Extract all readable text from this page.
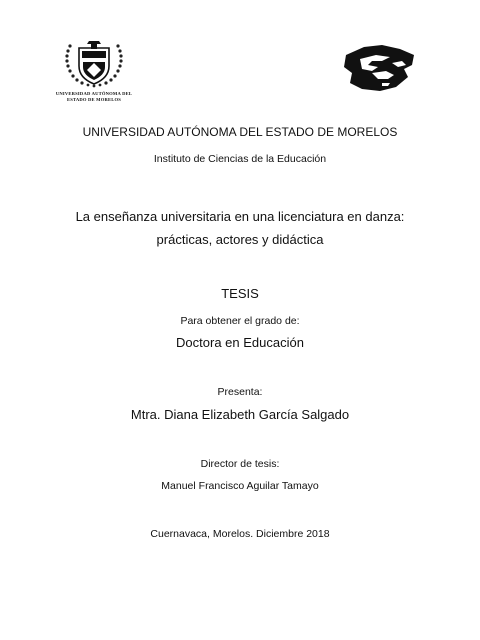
UNIVERSIDAD AUTÓNOMA DEL
ESTADO DE MORELOS
UNIVERSIDAD AUTÓNOMA DEL ESTADO DE MORELOS
Instituto de Ciencias de la Educación
La enseñanza universitaria en una licenciatura en danza:
prácticas, actores y didáctica
TESIS
Para obtener el grado de:
Doctora en Educación
Presenta:
Mtra. Diana Elizabeth García Salgado
Director de tesis:
Manuel Francisco Aguilar Tamayo
Cuernavaca, Morelos. Diciembre 2018
